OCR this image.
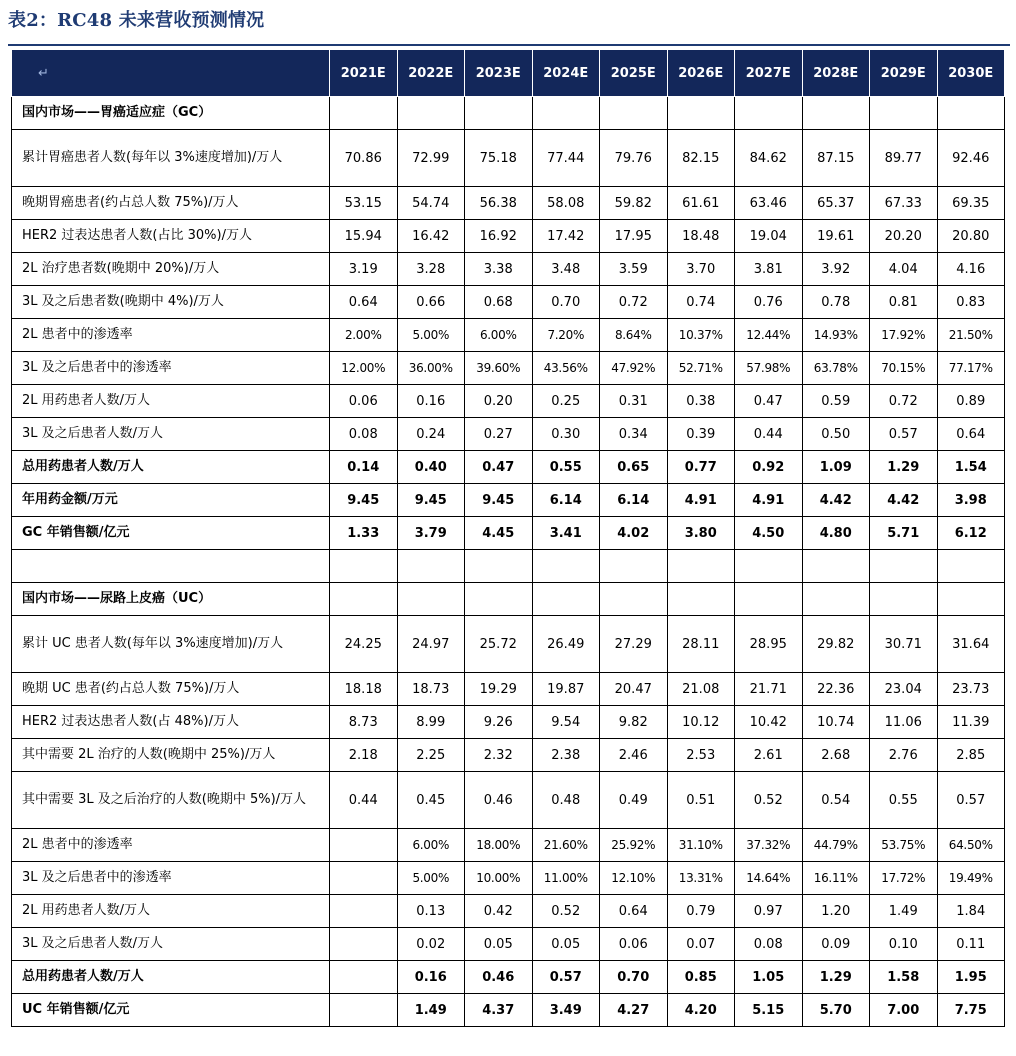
表2：RC48 未来营收预测情况
↵	2021E	2022E	2023E	2024E	2025E	2026E	2027E	2028E	2029E	2030E
国内市场——胃癌适应症（GC）										
累计胃癌患者人数(每年以 3%速度增加)/万人	70.86	72.99	75.18	77.44	79.76	82.15	84.62	87.15	89.77	92.46
晚期胃癌患者(约占总人数 75%)/万人	53.15	54.74	56.38	58.08	59.82	61.61	63.46	65.37	67.33	69.35
HER2 过表达患者人数(占比 30%)/万人	15.94	16.42	16.92	17.42	17.95	18.48	19.04	19.61	20.20	20.80
2L 治疗患者数(晚期中 20%)/万人	3.19	3.28	3.38	3.48	3.59	3.70	3.81	3.92	4.04	4.16
3L 及之后患者数(晚期中 4%)/万人	0.64	0.66	0.68	0.70	0.72	0.74	0.76	0.78	0.81	0.83
2L 患者中的渗透率	2.00%	5.00%	6.00%	7.20%	8.64%	10.37%	12.44%	14.93%	17.92%	21.50%
3L 及之后患者中的渗透率	12.00%	36.00%	39.60%	43.56%	47.92%	52.71%	57.98%	63.78%	70.15%	77.17%
2L 用药患者人数/万人	0.06	0.16	0.20	0.25	0.31	0.38	0.47	0.59	0.72	0.89
3L 及之后患者人数/万人	0.08	0.24	0.27	0.30	0.34	0.39	0.44	0.50	0.57	0.64
总用药患者人数/万人	0.14	0.40	0.47	0.55	0.65	0.77	0.92	1.09	1.29	1.54
年用药金额/万元	9.45	9.45	9.45	6.14	6.14	4.91	4.91	4.42	4.42	3.98
GC 年销售额/亿元	1.33	3.79	4.45	3.41	4.02	3.80	4.50	4.80	5.71	6.12

国内市场——尿路上皮癌（UC）										
累计 UC 患者人数(每年以 3%速度增加)/万人	24.25	24.97	25.72	26.49	27.29	28.11	28.95	29.82	30.71	31.64
晚期 UC 患者(约占总人数 75%)/万人	18.18	18.73	19.29	19.87	20.47	21.08	21.71	22.36	23.04	23.73
HER2 过表达患者人数(占 48%)/万人	8.73	8.99	9.26	9.54	9.82	10.12	10.42	10.74	11.06	11.39
其中需要 2L 治疗的人数(晚期中 25%)/万人	2.18	2.25	2.32	2.38	2.46	2.53	2.61	2.68	2.76	2.85
其中需要 3L 及之后治疗的人数(晚期中 5%)/万人	0.44	0.45	0.46	0.48	0.49	0.51	0.52	0.54	0.55	0.57
2L 患者中的渗透率		6.00%	18.00%	21.60%	25.92%	31.10%	37.32%	44.79%	53.75%	64.50%
3L 及之后患者中的渗透率		5.00%	10.00%	11.00%	12.10%	13.31%	14.64%	16.11%	17.72%	19.49%
2L 用药患者人数/万人		0.13	0.42	0.52	0.64	0.79	0.97	1.20	1.49	1.84
3L 及之后患者人数/万人		0.02	0.05	0.05	0.06	0.07	0.08	0.09	0.10	0.11
总用药患者人数/万人		0.16	0.46	0.57	0.70	0.85	1.05	1.29	1.58	1.95
UC 年销售额/亿元		1.49	4.37	3.49	4.27	4.20	5.15	5.70	7.00	7.75
